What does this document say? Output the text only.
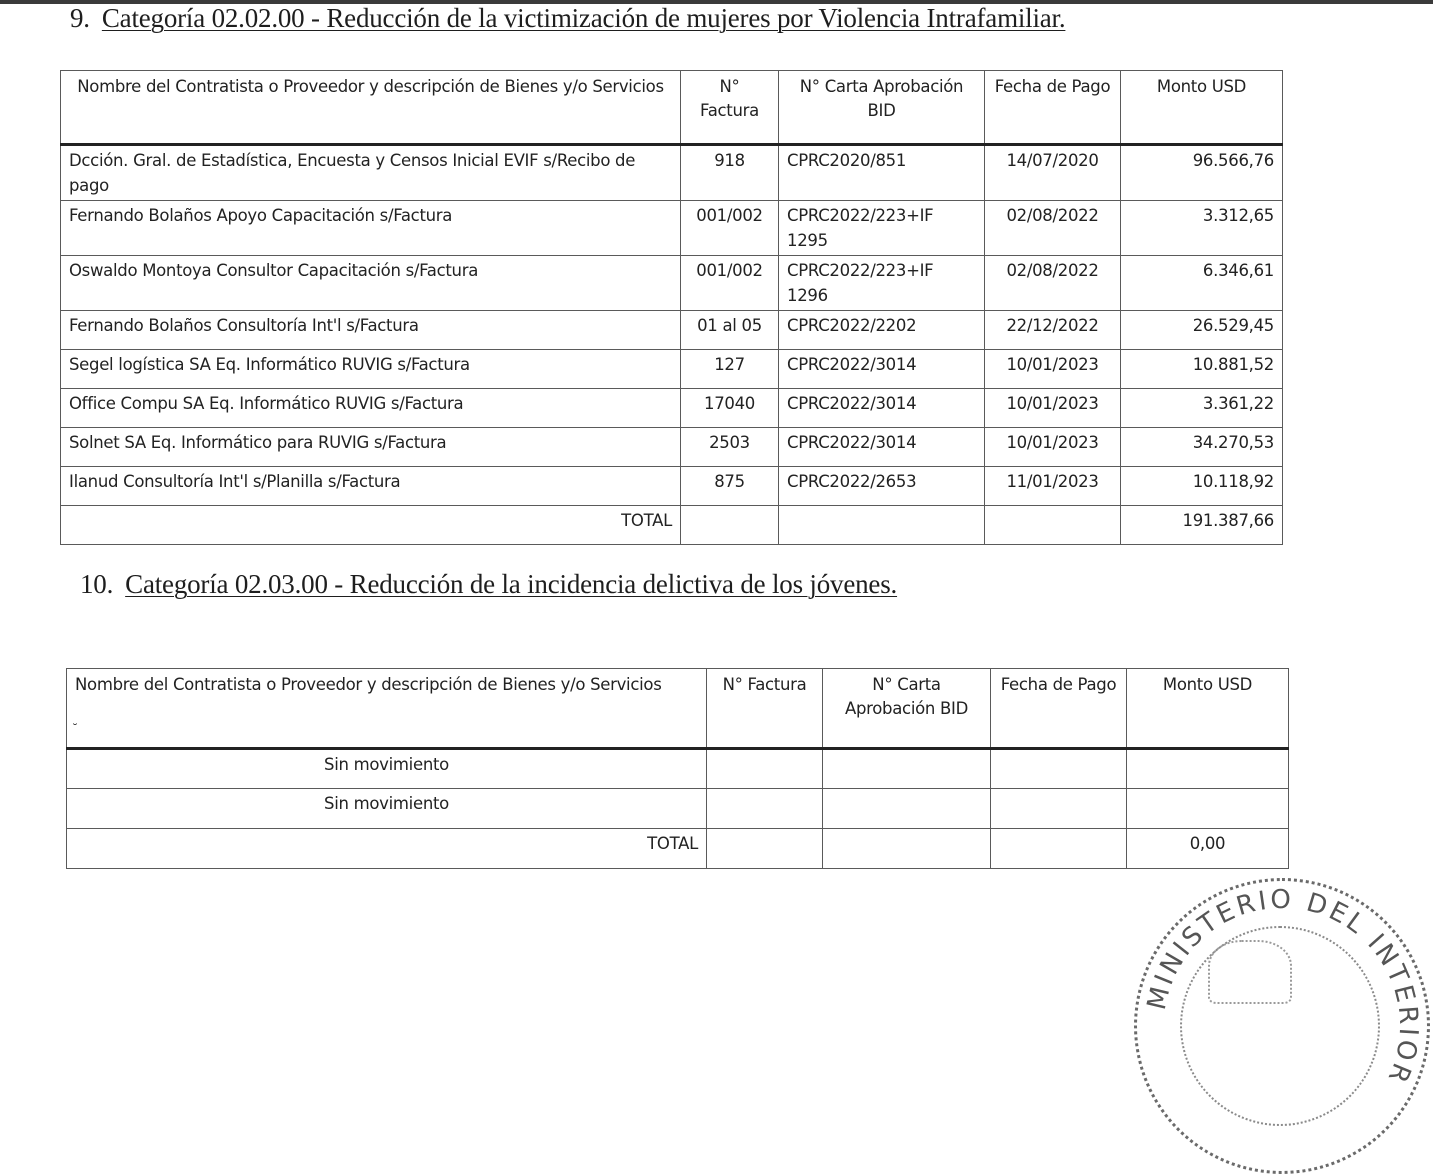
9. Categoría 02.02.00 - Reducción de la victimización de mujeres por Violencia Intrafamiliar.
Nombre del Contratista o Proveedor y descripción de Bienes y/o Servicios	N° Factura	N° Carta Aprobación BID	Fecha de Pago	Monto USD
Dcción. Gral. de Estadística, Encuesta y Censos Inicial EVIF s/Recibo de pago	918	CPRC2020/851	14/07/2020	96.566,76
Fernando Bolaños Apoyo Capacitación s/Factura	001/002	CPRC2022/223+IF 1295	02/08/2022	3.312,65
Oswaldo Montoya Consultor Capacitación s/Factura	001/002	CPRC2022/223+IF 1296	02/08/2022	6.346,61
Fernando Bolaños Consultoría Int'l s/Factura	01 al 05	CPRC2022/2202	22/12/2022	26.529,45
Segel logística SA Eq. Informático RUVIG s/Factura	127	CPRC2022/3014	10/01/2023	10.881,52
Office Compu SA Eq. Informático RUVIG s/Factura	17040	CPRC2022/3014	10/01/2023	3.361,22
Solnet SA Eq. Informático para RUVIG s/Factura	2503	CPRC2022/3014	10/01/2023	34.270,53
Ilanud Consultoría Int'l s/Planilla s/Factura	875	CPRC2022/2653	11/01/2023	10.118,92
TOTAL				191.387,66
10. Categoría 02.03.00 - Reducción de la incidencia delictiva de los jóvenes.
Nombre del Contratista o Proveedor y descripción de Bienes y/o Servicios	N° Factura	N° Carta Aprobación BID	Fecha de Pago	Monto USD
Sin movimiento				
Sin movimiento				
TOTAL				0,00
˘
MINISTERIO DEL INTERIOR
